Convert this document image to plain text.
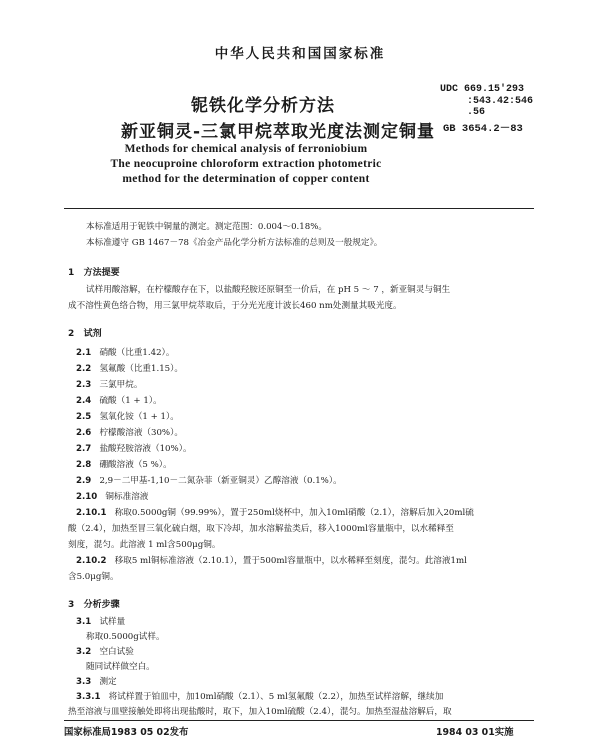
中华人民共和国国家标准
铌铁化学分析方法
新亚铜灵-三氯甲烷萃取光度法测定铜量
UDC 669.15'293
:543.42:546
.56
GB 3654.2－83
Methods for chemical analysis of ferroniobium
The neocuproine chloroform extraction photometric
method for the determination of copper content
本标准适用于铌铁中铜量的测定。测定范围：0.004～0.18%。
本标准遵守 GB 1467－78《冶金产品化学分析方法标准的总则及一般规定》。
1 方法提要
试样用酸溶解，在柠檬酸存在下，以盐酸羟胺还原铜至一价后，在 pH 5 ～ 7 ，新亚铜灵与铜生
成不溶性黄色络合物，用三氯甲烷萃取后，于分光光度计波长460 nm处测量其吸光度。
2 试剂
2.1 硝酸（比重1.42）。
2.2 氢氟酸（比重1.15）。
2.3 三氯甲烷。
2.4 硫酸（1 + 1）。
2.5 氢氧化铵（1 + 1）。
2.6 柠檬酸溶液（30%）。
2.7 盐酸羟胺溶液（10%）。
2.8 硼酸溶液（5 %）。
2.9 2,9－二甲基-1,10－二氮杂菲（新亚铜灵）乙醇溶液（0.1%）。
2.10 铜标准溶液
2.10.1 称取0.5000g铜（99.99%），置于250ml烧杯中，加入10ml硝酸（2.1），溶解后加入20ml硫
酸（2.4），加热至冒三氧化硫白烟，取下冷却，加水溶解盐类后，移入1000ml容量瓶中，以水稀释至
刻度，混匀。此溶液 1 ml含500μg铜。
2.10.2 移取5 ml铜标准溶液（2.10.1），置于500ml容量瓶中，以水稀释至刻度，混匀。此溶液1ml
含5.0μg铜。
3 分析步骤
3.1 试样量
称取0.5000g试样。
3.2 空白试验
随同试样做空白。
3.3 测定
3.3.1 将试样置于铂皿中，加10ml硝酸（2.1）、5 ml氢氟酸（2.2），加热至试样溶解，继续加
热至溶液与皿壁接触处即将出现盐酸时，取下，加入10ml硫酸（2.4），混匀。加热至湿盐溶解后，取
国家标准局1983 05 02发布	1984 03 01实施
